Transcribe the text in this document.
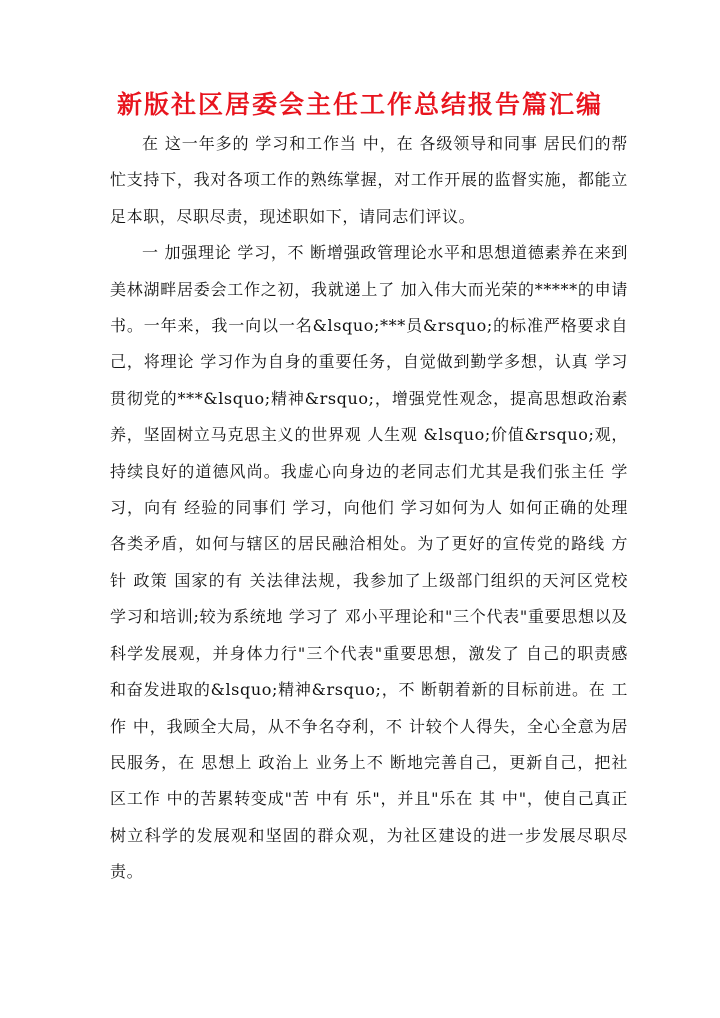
新版社区居委会主任工作总结报告篇汇编

在 这一年多的 学习和工作当 中，在 各级领导和同事 居民们的帮忙支持下，我对各项工作的熟练掌握，对工作开展的监督实施，都能立足本职，尽职尽责，现述职如下，请同志们评议。

一 加强理论 学习，不 断增强政管理论水平和思想道德素养在来到美林湖畔居委会工作之初，我就递上了 加入伟大而光荣的*****的申请书。一年来，我一向以一名&lsquo;***员&rsquo;的标准严格要求自己，将理论 学习作为自身的重要任务，自觉做到勤学多想，认真 学习贯彻党的***&lsquo;精神&rsquo;，增强党性观念，提高思想政治素养，坚固树立马克思主义的世界观 人生观 &lsquo;价值&rsquo;观，持续良好的道德风尚。我虚心向身边的老同志们尤其是我们张主任 学习，向有 经验的同事们 学习，向他们 学习如何为人 如何正确的处理各类矛盾，如何与辖区的居民融洽相处。为了更好的宣传党的路线 方针 政策 国家的有 关法律法规，我参加了上级部门组织的天河区党校 学习和培训;较为系统地 学习了 邓小平理论和"三个代表"重要思想以及科学发展观，并身体力行"三个代表"重要思想，激发了 自己的职责感和奋发进取的&lsquo;精神&rsquo;，不 断朝着新的目标前进。在 工作 中，我顾全大局，从不争名夺利，不 计较个人得失，全心全意为居民服务，在 思想上 政治上 业务上不 断地完善自己，更新自己，把社区工作 中的苦累转变成"苦 中有 乐"，并且"乐在 其 中"，使自己真正树立科学的发展观和坚固的群众观，为社区建设的进一步发展尽职尽责。
